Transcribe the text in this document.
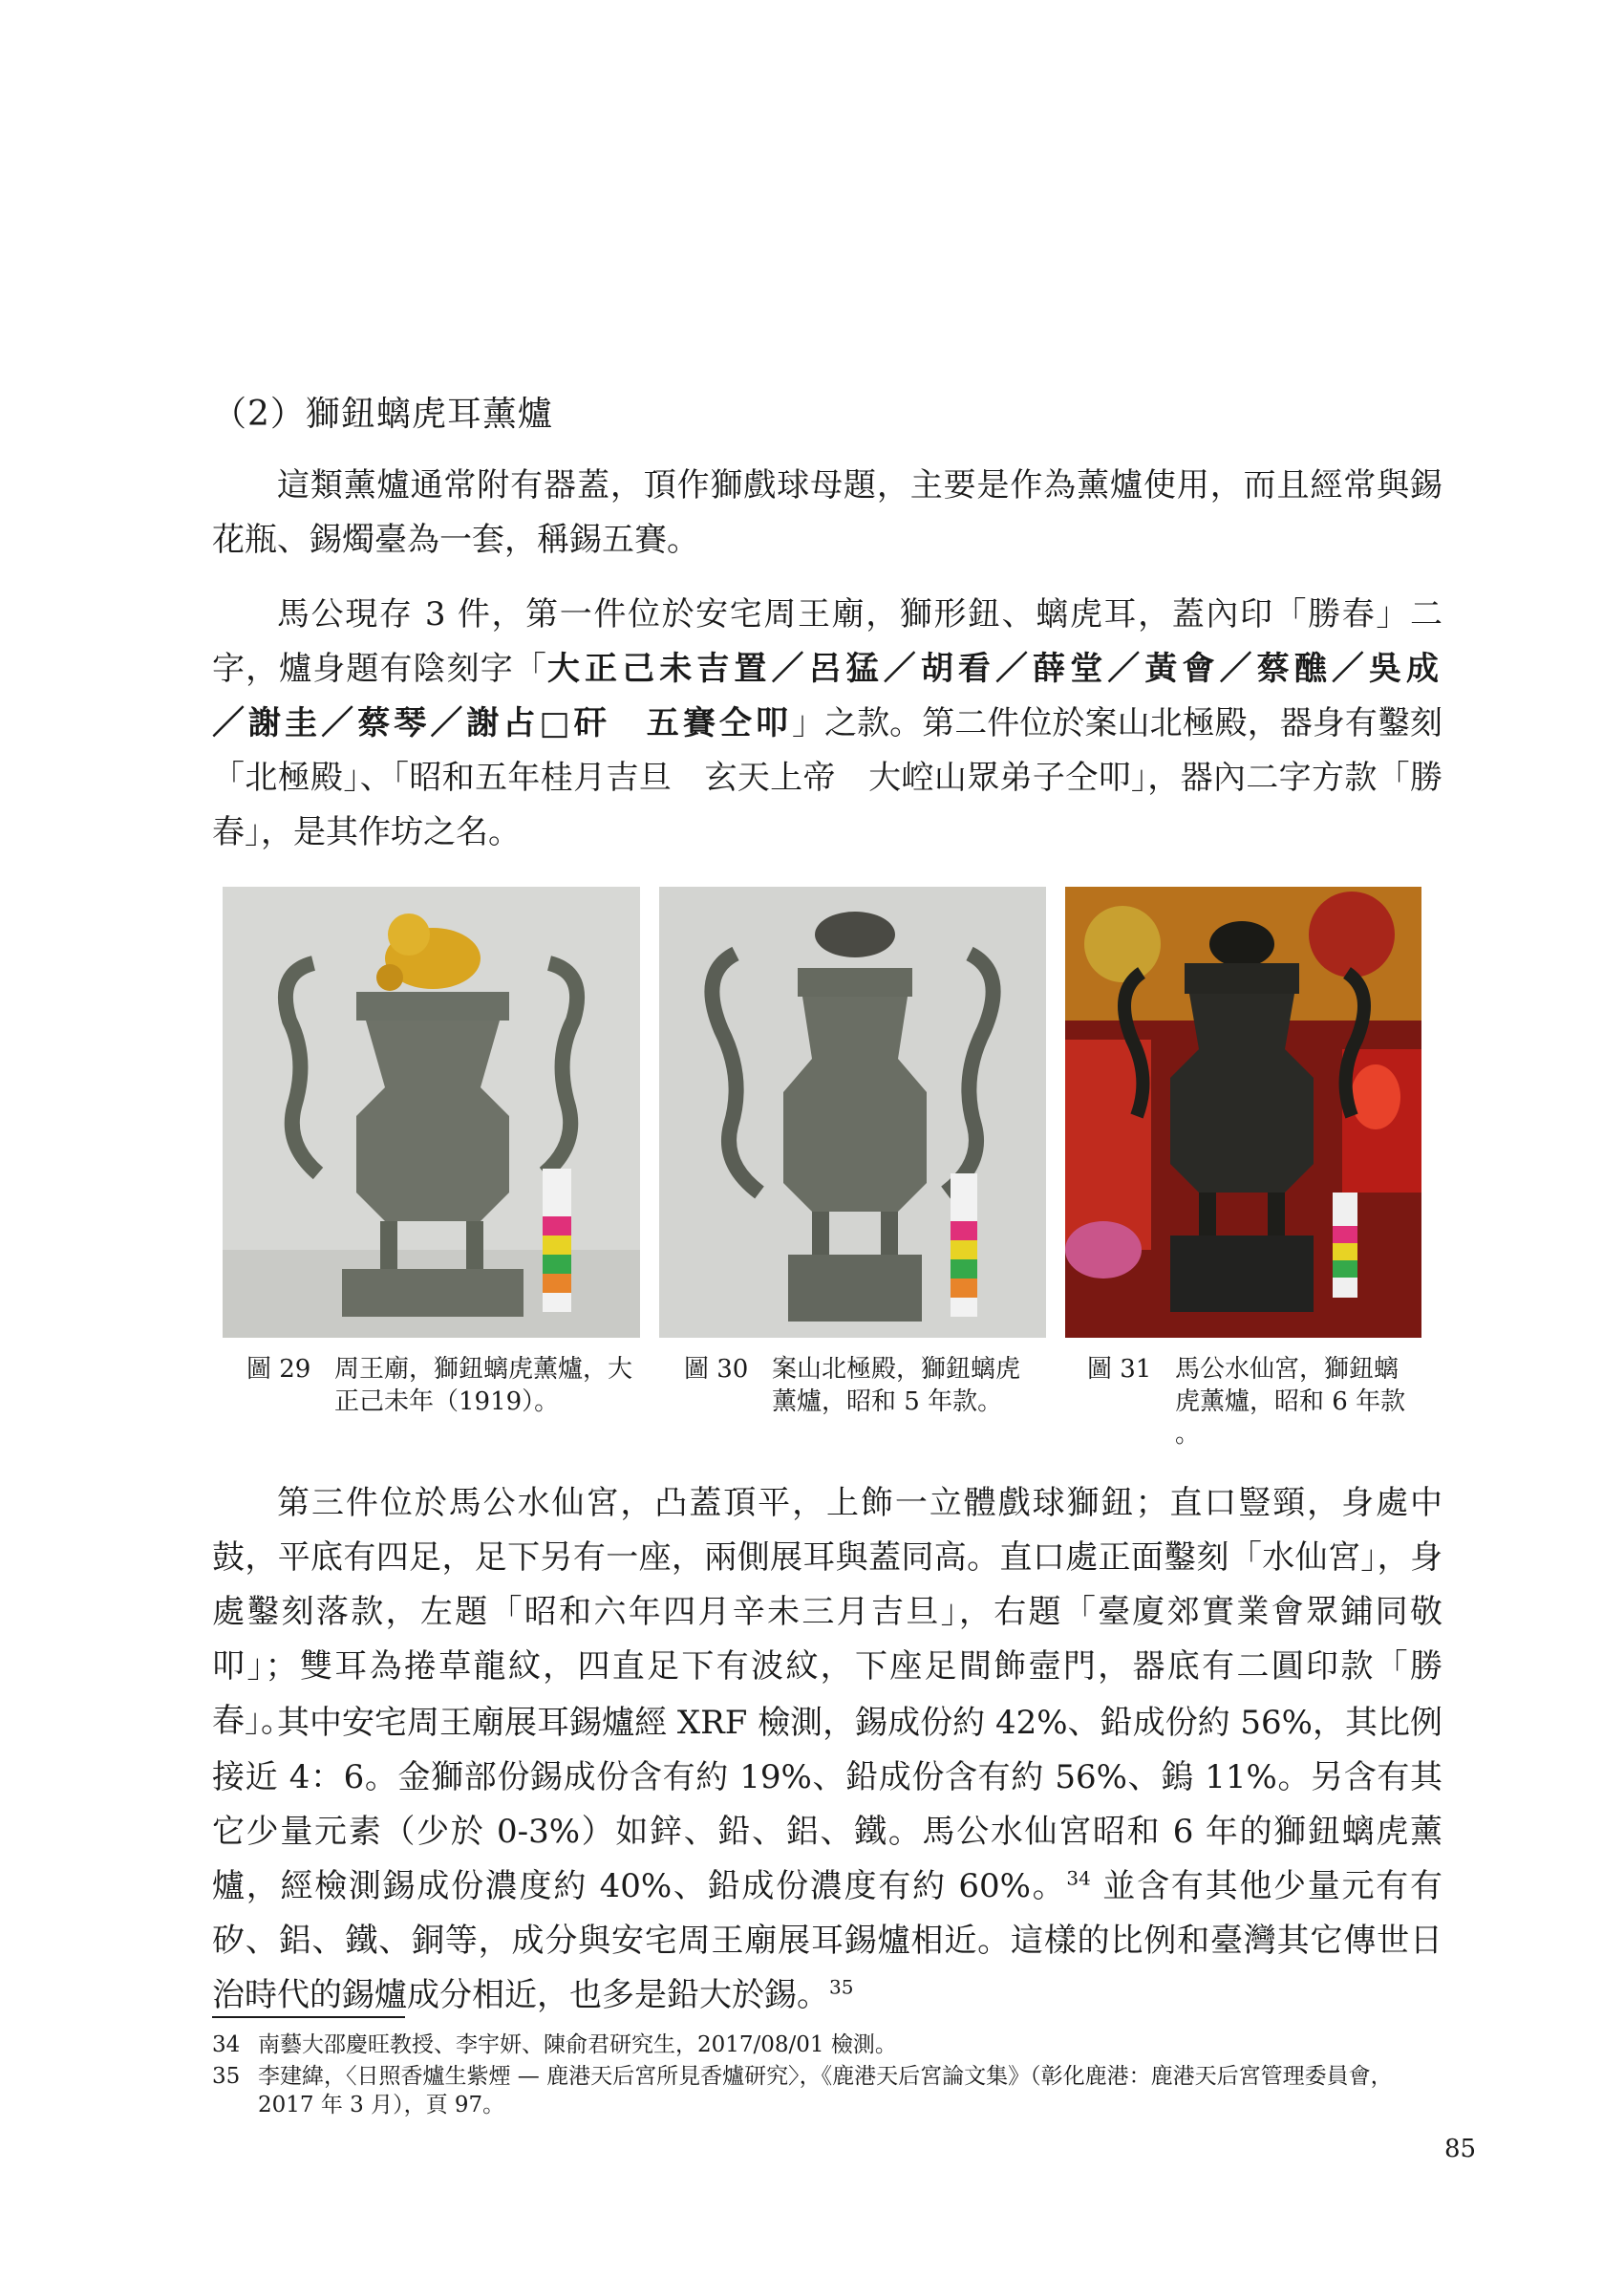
（2）獅鈕螭虎耳薰爐

這類薰爐通常附有器蓋，頂作獅戲球母題，主要是作為薰爐使用，而且經常與錫花瓶、錫燭臺為一套，稱錫五賽。

馬公現存 3 件，第一件位於安宅周王廟，獅形鈕、螭虎耳，蓋內印「勝春」二字，爐身題有陰刻字「大正己未吉置／呂猛／胡看／薛堂／黃會／蔡醮／吳成／謝圭／蔡琴／謝占□矸　五賽仝叩」之款。第二件位於案山北極殿，器身有鑿刻「北極殿」、「昭和五年桂月吉旦　玄天上帝　大崆山眾弟子仝叩」，器內二字方款「勝春」，是其作坊之名。

圖 29 周王廟，獅鈕螭虎薰爐，大正己未年（1919）。
圖 30 案山北極殿，獅鈕螭虎薰爐，昭和 5 年款。
圖 31 馬公水仙宮，獅鈕螭虎薰爐，昭和 6 年款 。

第三件位於馬公水仙宮，凸蓋頂平，上飾一立體戲球獅鈕；直口豎頸，身處中鼓，平底有四足，足下另有一座，兩側展耳與蓋同高。直口處正面鑿刻「水仙宮」，身處鑿刻落款，左題「昭和六年四月辛未三月吉旦」，右題「臺廈郊實業會眾鋪同敬叩」；雙耳為捲草龍紋，四直足下有波紋，下座足間飾壼門，器底有二圓印款「勝春」。

其中安宅周王廟展耳錫爐經 XRF 檢測，錫成份約 42%、鉛成份約 56%，其比例接近 4：6。金獅部份錫成份含有約 19%、鉛成份含有約 56%、鎢 11%。另含有其它少量元素（少於 0-3%）如鋅、鉛、鋁、鐵。馬公水仙宮昭和 6 年的獅鈕螭虎薰爐，經檢測錫成份濃度約 40%、鉛成份濃度有約 60%。$^{34}$ 並含有其他少量元有有矽、鋁、鐵、銅等，成分與安宅周王廟展耳錫爐相近。這樣的比例和臺灣其它傳世日治時代的錫爐成分相近，也多是鉛大於錫。$^{35}$

34 南藝大邵慶旺教授、李宇妍、陳俞君研究生，2017/08/01 檢測。
35 李建緯，〈日照香爐生紫煙 — 鹿港天后宮所見香爐研究〉，《鹿港天后宮論文集》（彰化鹿港：鹿港天后宮管理委員會，2017 年 3 月），頁 97。
85
